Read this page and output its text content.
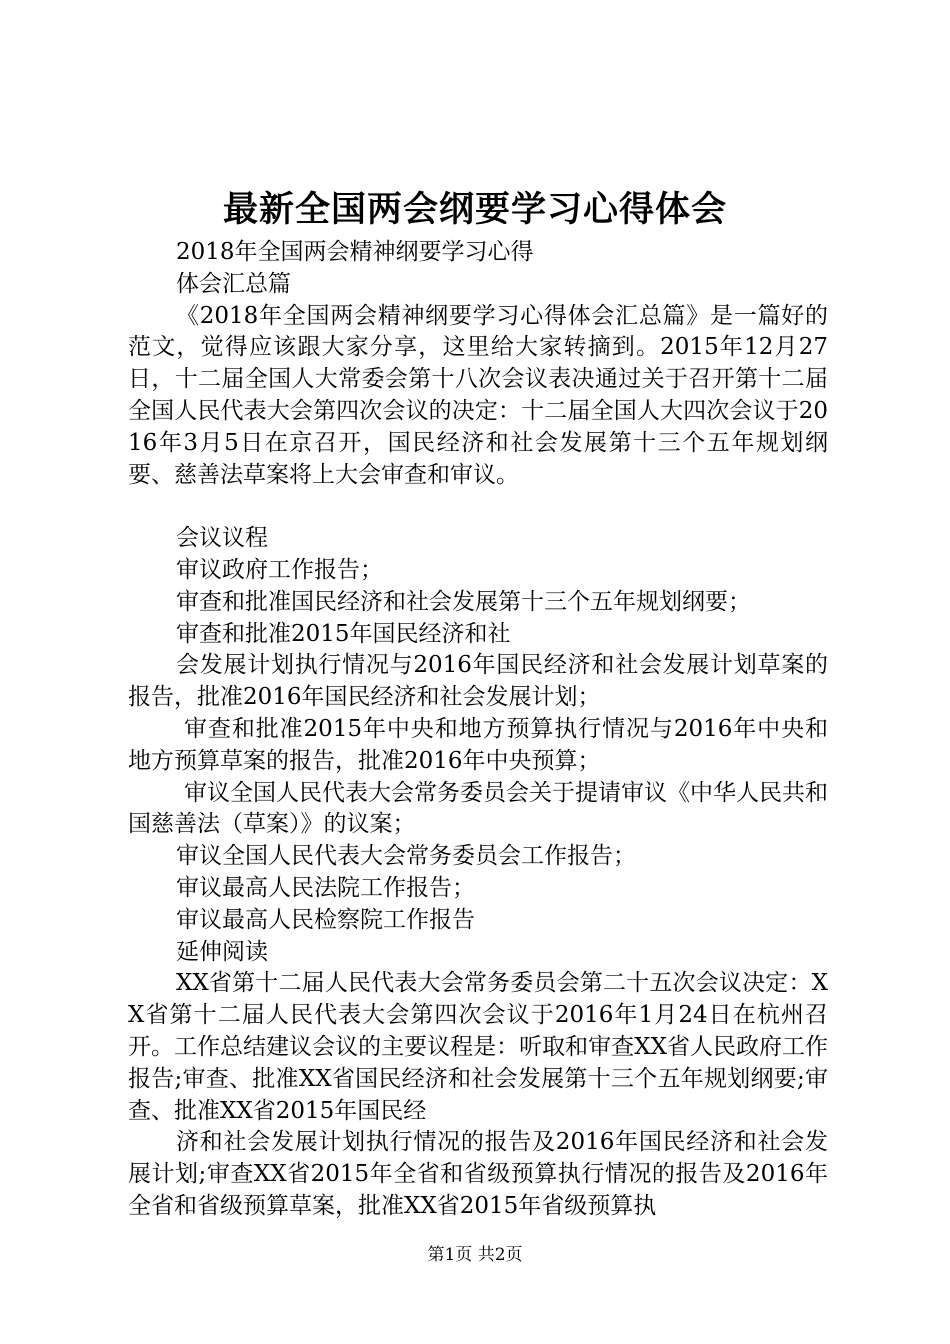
最新全国两会纲要学习心得体会

2018年全国两会精神纲要学习心得

体会汇总篇

《2018年全国两会精神纲要学习心得体会汇总篇》是一篇好的范文，觉得应该跟大家分享，这里给大家转摘到。2015年12月27日，十二届全国人大常委会第十八次会议表决通过关于召开第十二届全国人民代表大会第四次会议的决定：十二届全国人大四次会议于2016年3月5日在京召开，国民经济和社会发展第十三个五年规划纲要、慈善法草案将上大会审查和审议。

会议议程

审议政府工作报告；

审查和批准国民经济和社会发展第十三个五年规划纲要；

审查和批准2015年国民经济和社

会发展计划执行情况与2016年国民经济和社会发展计划草案的报告，批准2016年国民经济和社会发展计划；

审查和批准2015年中央和地方预算执行情况与2016年中央和地方预算草案的报告，批准2016年中央预算；

审议全国人民代表大会常务委员会关于提请审议《中华人民共和国慈善法（草案）》的议案；

审议全国人民代表大会常务委员会工作报告；

审议最高人民法院工作报告；

审议最高人民检察院工作报告

延伸阅读

XX省第十二届人民代表大会常务委员会第二十五次会议决定：XX省第十二届人民代表大会第四次会议于2016年1月24日在杭州召开。工作总结建议会议的主要议程是：听取和审查XX省人民政府工作报告;审查、批准XX省国民经济和社会发展第十三个五年规划纲要;审查、批准XX省2015年国民经

济和社会发展计划执行情况的报告及2016年国民经济和社会发展计划;审查XX省2015年全省和省级预算执行情况的报告及2016年全省和省级预算草案，批准XX省2015年省级预算执

第1页 共2页
